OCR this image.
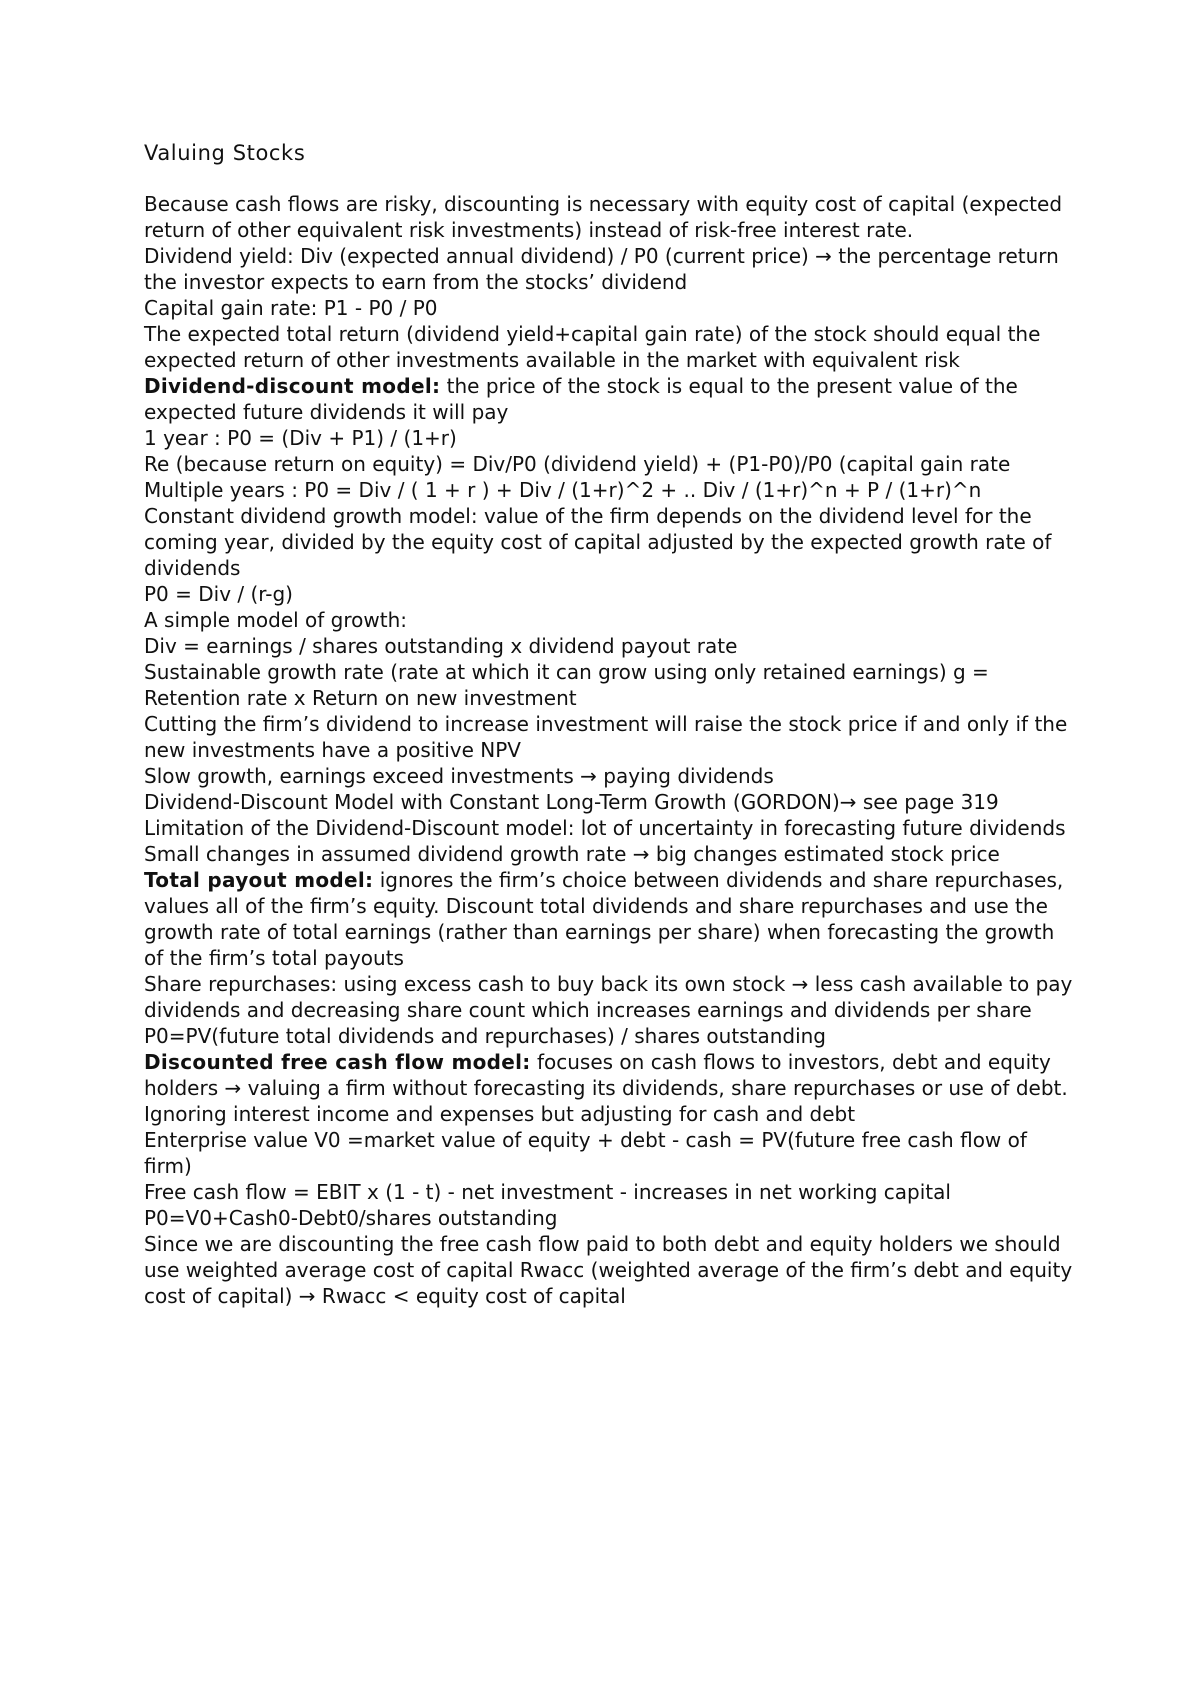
Valuing Stocks

Because cash flows are risky, discounting is necessary with equity cost of capital (expected return of other equivalent risk investments) instead of risk-free interest rate.

Dividend yield: Div (expected annual dividend) / P0 (current price) → the percentage return the investor expects to earn from the stocks’ dividend

Capital gain rate: P1 - P0 / P0

The expected total return (dividend yield+capital gain rate) of the stock should equal the expected return of other investments available in the market with equivalent risk

Dividend-discount model: the price of the stock is equal to the present value of the expected future dividends it will pay

1 year : P0 = (Div + P1) / (1+r)

Re (because return on equity) = Div/P0 (dividend yield) + (P1-P0)/P0 (capital gain rate

Multiple years : P0 = Div / ( 1 + r ) + Div / (1+r)^2 + .. Div / (1+r)^n + P / (1+r)^n

Constant dividend growth model: value of the firm depends on the dividend level for the coming year, divided by the equity cost of capital adjusted by the expected growth rate of dividends

P0 = Div / (r-g)

A simple model of growth:

Div = earnings / shares outstanding x dividend payout rate

Sustainable growth rate (rate at which it can grow using only retained earnings) g = Retention rate x Return on new investment

Cutting the firm’s dividend to increase investment will raise the stock price if and only if the new investments have a positive NPV

Slow growth, earnings exceed investments → paying dividends

Dividend-Discount Model with Constant Long-Term Growth (GORDON)→ see page 319

Limitation of the Dividend-Discount model: lot of uncertainty in forecasting future dividends

Small changes in assumed dividend growth rate → big changes estimated stock price

Total payout model: ignores the firm’s choice between dividends and share repurchases, values all of the firm’s equity. Discount total dividends and share repurchases and use the growth rate of total earnings (rather than earnings per share) when forecasting the growth of the firm’s total payouts

Share repurchases: using excess cash to buy back its own stock → less cash available to pay dividends and decreasing share count which increases earnings and dividends per share

P0=PV(future total dividends and repurchases) / shares outstanding

Discounted free cash flow model: focuses on cash flows to investors, debt and equity holders → valuing a firm without forecasting its dividends, share repurchases or use of debt. Ignoring interest income and expenses but adjusting for cash and debt

Enterprise value V0 =market value of equity + debt - cash = PV(future free cash flow of firm)

Free cash flow = EBIT x (1 - t) - net investment - increases in net working capital

P0=V0+Cash0-Debt0/shares outstanding

Since we are discounting the free cash flow paid to both debt and equity holders we should use weighted average cost of capital Rwacc (weighted average of the firm’s debt and equity cost of capital) → Rwacc < equity cost of capital
